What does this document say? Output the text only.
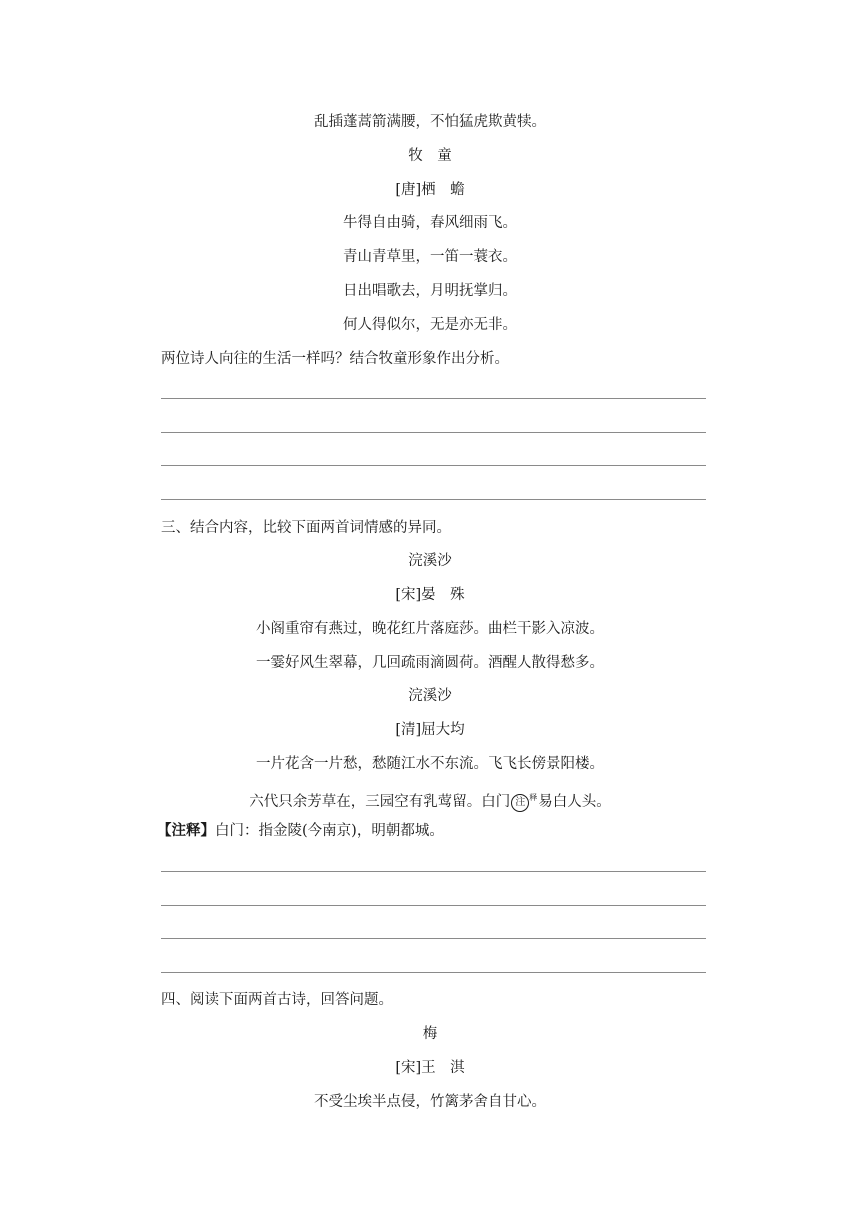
乱插蓬蒿箭满腰，不怕猛虎欺黄犊。
牧　童
[唐]栖　蟾
牛得自由骑，春风细雨飞。
青山青草里，一笛一蓑衣。
日出唱歌去，月明抚掌归。
何人得似尔，无是亦无非。
两位诗人向往的生活一样吗？结合牧童形象作出分析。
三、结合内容，比较下面两首词情感的异同。
浣溪沙
[宋]晏　殊
小阁重帘有燕过，晚花红片落庭莎。曲栏干影入凉波。
一霎好风生翠幕，几回疏雨滴圆荷。酒醒人散得愁多。
浣溪沙
[清]屈大均
一片花含一片愁，愁随江水不东流。飞飞长傍景阳楼。
六代只余芳草在，三园空有乳莺留。白门 注 $^释$易白人头。
【注释】白门：指金陵(今南京)，明朝都城。
四、阅读下面两首古诗，回答问题。
梅
[宋]王　淇
不受尘埃半点侵，竹篱茅舍自甘心。
